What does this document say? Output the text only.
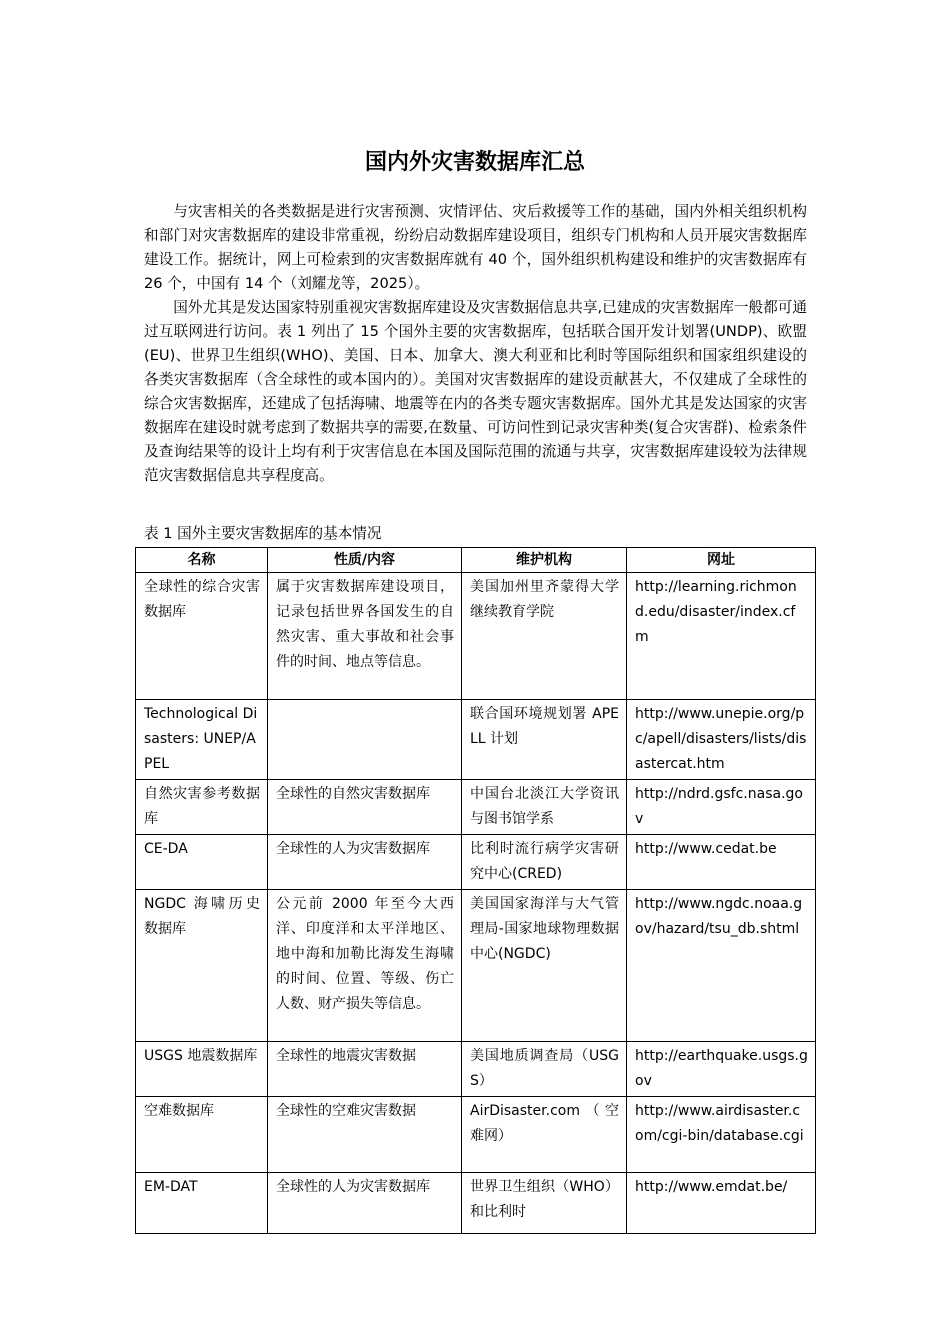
国内外灾害数据库汇总

与灾害相关的各类数据是进行灾害预测、灾情评估、灾后救援等工作的基础，国内外相关组织机构和部门对灾害数据库的建设非常重视，纷纷启动数据库建设项目，组织专门机构和人员开展灾害数据库建设工作。据统计，网上可检索到的灾害数据库就有 40 个，国外组织机构建设和维护的灾害数据库有 26 个，中国有 14 个（刘耀龙等，2025）。

国外尤其是发达国家特别重视灾害数据库建设及灾害数据信息共享,已建成的灾害数据库一般都可通过互联网进行访问。表 1 列出了 15 个国外主要的灾害数据库，包括联合国开发计划署(UNDP)、欧盟(EU)、世界卫生组织(WHO)、美国、日本、加拿大、澳大利亚和比利时等国际组织和国家组织建设的各类灾害数据库（含全球性的或本国内的）。美国对灾害数据库的建设贡献甚大，不仅建成了全球性的综合灾害数据库，还建成了包括海啸、地震等在内的各类专题灾害数据库。国外尤其是发达国家的灾害数据库在建设时就考虑到了数据共享的需要,在数量、可访问性到记录灾害种类(复合灾害群)、检索条件及查询结果等的设计上均有利于灾害信息在本国及国际范围的流通与共享，灾害数据库建设较为法律规范灾害数据信息共享程度高。

表 1 国外主要灾害数据库的基本情况
名称	性质/内容	维护机构	网址
全球性的综合灾害数据库	属于灾害数据库建设项目，记录包括世界各国发生的自然灾害、重大事故和社会事件的时间、地点等信息。	美国加州里齐蒙得大学继续教育学院	http://learning.richmond.edu/disaster/index.cfm
Technological Disasters: UNEP/APEL		联合国环境规划署 APELL 计划	http://www.unepie.org/pc/apell/disasters/lists/disastercat.htm
自然灾害参考数据库	全球性的自然灾害数据库	中国台北淡江大学资讯与图书馆学系	http://ndrd.gsfc.nasa.gov
CE-DA	全球性的人为灾害数据库	比利时流行病学灾害研究中心(CRED)	http://www.cedat.be
NGDC 海啸历史数据库	公元前 2000 年至今大西洋、印度洋和太平洋地区、地中海和加勒比海发生海啸的时间、位置、等级、伤亡人数、财产损失等信息。	美国国家海洋与大气管理局-国家地球物理数据中心(NGDC)	http://www.ngdc.noaa.gov/hazard/tsu_db.shtml
USGS 地震数据库	全球性的地震灾害数据	美国地质调查局（USGS）	http://earthquake.usgs.gov
空难数据库	全球性的空难灾害数据	AirDisaster.com（空难网）	http://www.airdisaster.com/cgi-bin/database.cgi
EM-DAT	全球性的人为灾害数据库	世界卫生组织（WHO）和比利时	http://www.emdat.be/
